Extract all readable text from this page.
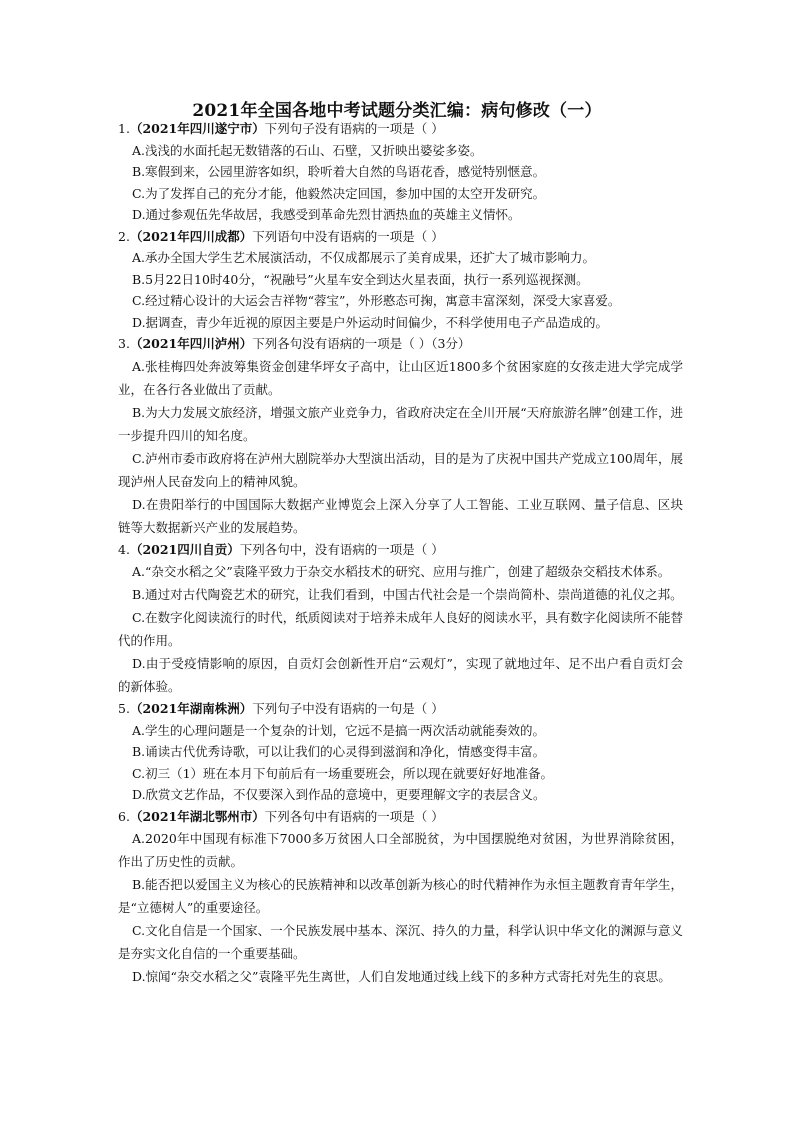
2021年全国各地中考试题分类汇编：病句修改（一）
1.（2021年四川遂宁市）下列句子没有语病的一项是（ ）
A.浅浅的水面托起无数错落的石山、石壁，又折映出婆娑多姿。
B.寒假到来，公园里游客如织，聆听着大自然的鸟语花香，感觉特别惬意。
C.为了发挥自己的充分才能，他毅然决定回国，参加中国的太空开发研究。
D.通过参观伍先华故居，我感受到革命先烈甘洒热血的英雄主义情怀。
2.（2021年四川成都）下列语句中没有语病的一项是（ ）
A.承办全国大学生艺术展演活动，不仅成都展示了美育成果，还扩大了城市影响力。
B.5月22日10时40分，“祝融号”火星车安全到达火星表面，执行一系列巡视探测。
C.经过精心设计的大运会吉祥物“蓉宝”，外形憨态可掬，寓意丰富深刻，深受大家喜爱。
D.据调查，青少年近视的原因主要是户外运动时间偏少，不科学使用电子产品造成的。
3.（2021年四川泸州）下列各句没有语病的一项是（ ）（3分）
A.张桂梅四处奔波筹集资金创建华坪女子高中，让山区近1800多个贫困家庭的女孩走进大学完成学业，在各行各业做出了贡献。
B.为大力发展文旅经济，增强文旅产业竞争力，省政府决定在全川开展“天府旅游名牌”创建工作，进一步提升四川的知名度。
C.泸州市委市政府将在泸州大剧院举办大型演出活动，目的是为了庆祝中国共产党成立100周年，展现泸州人民奋发向上的精神风貌。
D.在贵阳举行的中国国际大数据产业博览会上深入分享了人工智能、工业互联网、量子信息、区块链等大数据新兴产业的发展趋势。
4.（2021四川自贡）下列各句中，没有语病的一项是（ ）
A.“杂交水稻之父”袁隆平致力于杂交水稻技术的研究、应用与推广，创建了超级杂交稻技术体系。
B.通过对古代陶瓷艺术的研究，让我们看到，中国古代社会是一个崇尚简朴、崇尚道德的礼仪之邦。
C.在数字化阅读流行的时代，纸质阅读对于培养未成年人良好的阅读水平，具有数字化阅读所不能替代的作用。
D.由于受疫情影响的原因，自贡灯会创新性开启“云观灯”，实现了就地过年、足不出户看自贡灯会的新体验。
5.（2021年湖南株洲）下列句子中没有语病的一句是（ ）
A.学生的心理问题是一个复杂的计划，它远不是搞一两次活动就能奏效的。
B.诵读古代优秀诗歌，可以让我们的心灵得到滋润和净化，情感变得丰富。
C.初三（1）班在本月下旬前后有一场重要班会，所以现在就要好好地准备。
D.欣赏文艺作品，不仅要深入到作品的意境中，更要理解文字的表层含义。
6.（2021年湖北鄂州市）下列各句中有语病的一项是（ ）
A.2020年中国现有标准下7000多万贫困人口全部脱贫，为中国摆脱绝对贫困，为世界消除贫困，作出了历史性的贡献。
B.能否把以爱国主义为核心的民族精神和以改革创新为核心的时代精神作为永恒主题教育青年学生，是“立德树人”的重要途径。
C.文化自信是一个国家、一个民族发展中基本、深沉、持久的力量，科学认识中华文化的渊源与意义是夯实文化自信的一个重要基础。
D.惊闻“杂交水稻之父”袁隆平先生离世，人们自发地通过线上线下的多种方式寄托对先生的哀思。
